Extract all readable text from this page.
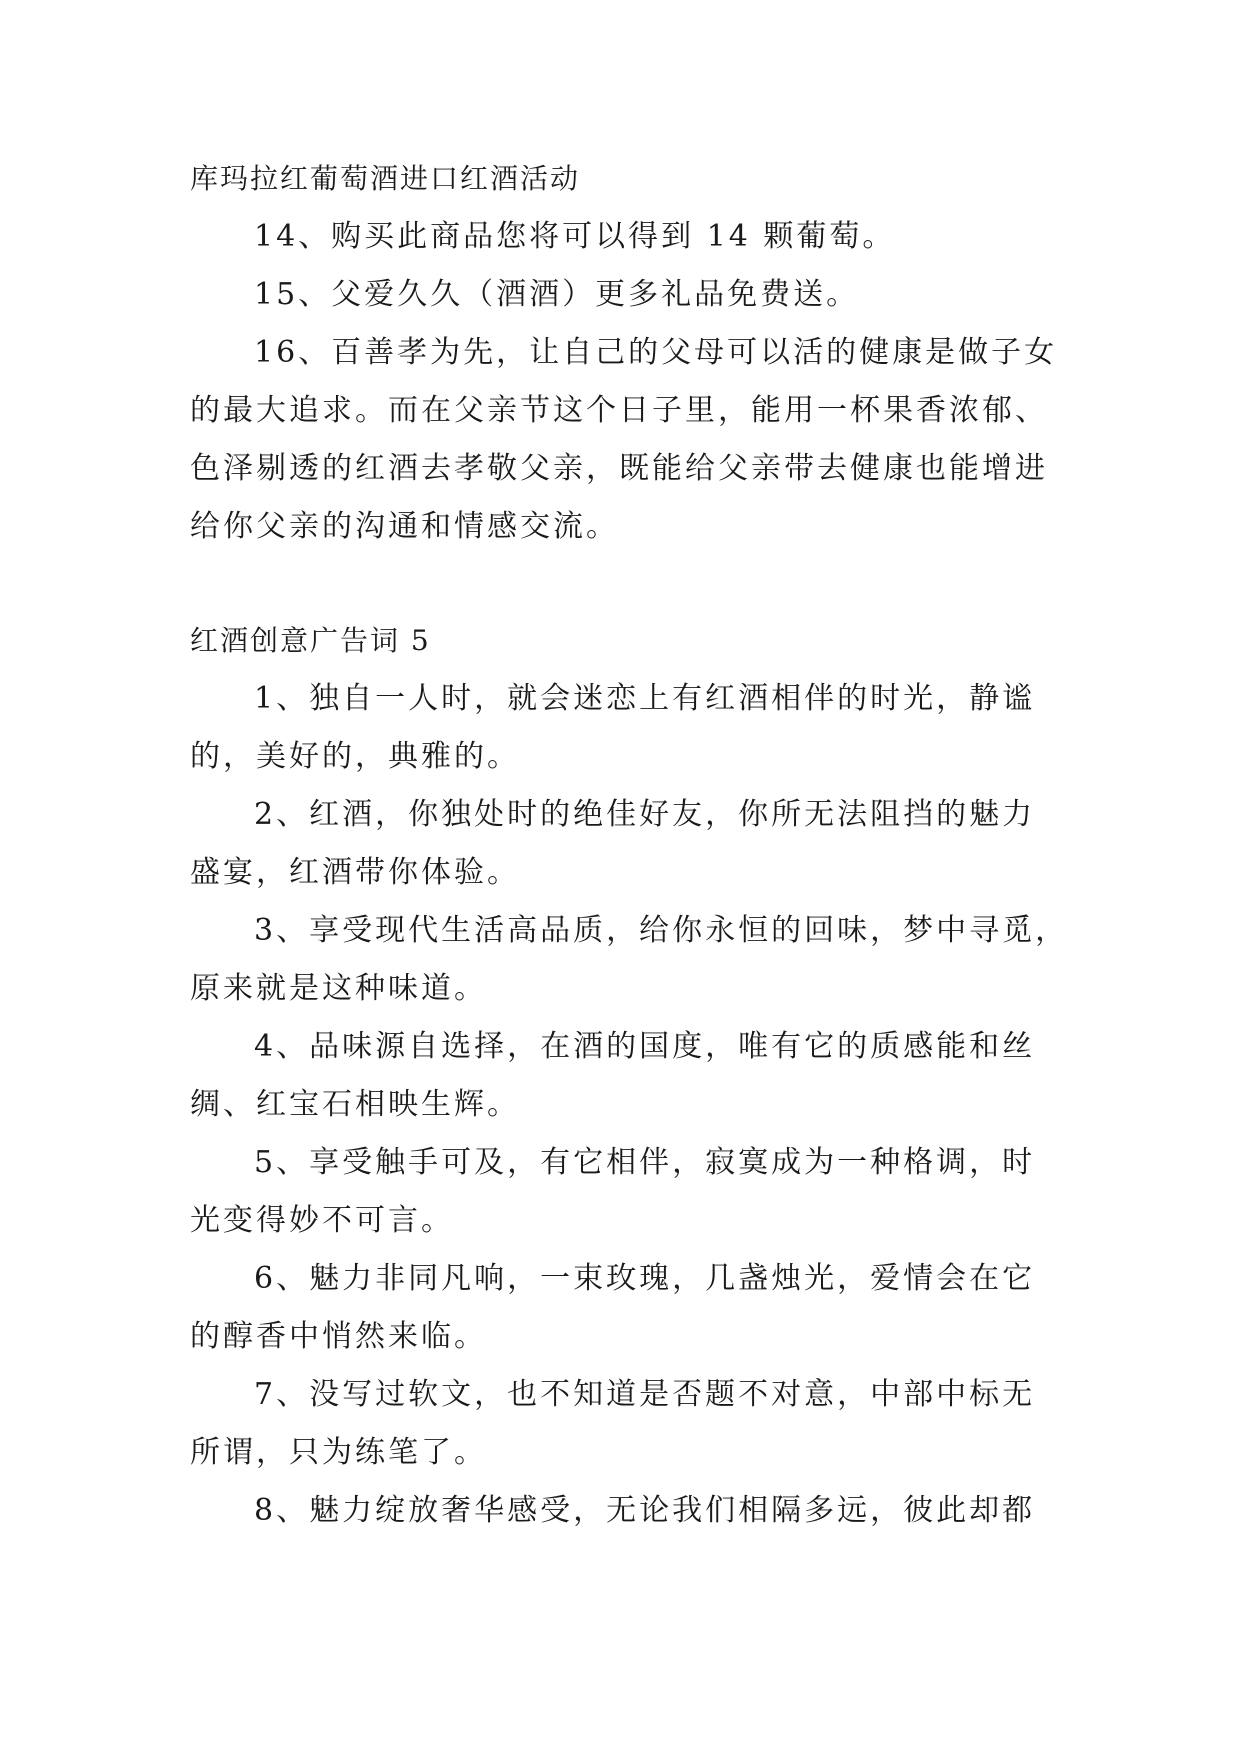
库玛拉红葡萄酒进口红酒活动
14、购买此商品您将可以得到 14 颗葡萄。
15、父爱久久（酒酒）更多礼品免费送。
16、百善孝为先，让自己的父母可以活的健康是做子女
的最大追求。而在父亲节这个日子里，能用一杯果香浓郁、
色泽剔透的红酒去孝敬父亲，既能给父亲带去健康也能增进
给你父亲的沟通和情感交流。
红酒创意广告词 5
1、独自一人时，就会迷恋上有红酒相伴的时光，静谧
的，美好的，典雅的。
2、红酒，你独处时的绝佳好友，你所无法阻挡的魅力
盛宴，红酒带你体验。
3、享受现代生活高品质，给你永恒的回味，梦中寻觅，
原来就是这种味道。
4、品味源自选择，在酒的国度，唯有它的质感能和丝
绸、红宝石相映生辉。
5、享受触手可及，有它相伴，寂寞成为一种格调，时
光变得妙不可言。
6、魅力非同凡响，一束玫瑰，几盏烛光，爱情会在它
的醇香中悄然来临。
7、没写过软文，也不知道是否题不对意，中部中标无
所谓，只为练笔了。
8、魅力绽放奢华感受，无论我们相隔多远，彼此却都
